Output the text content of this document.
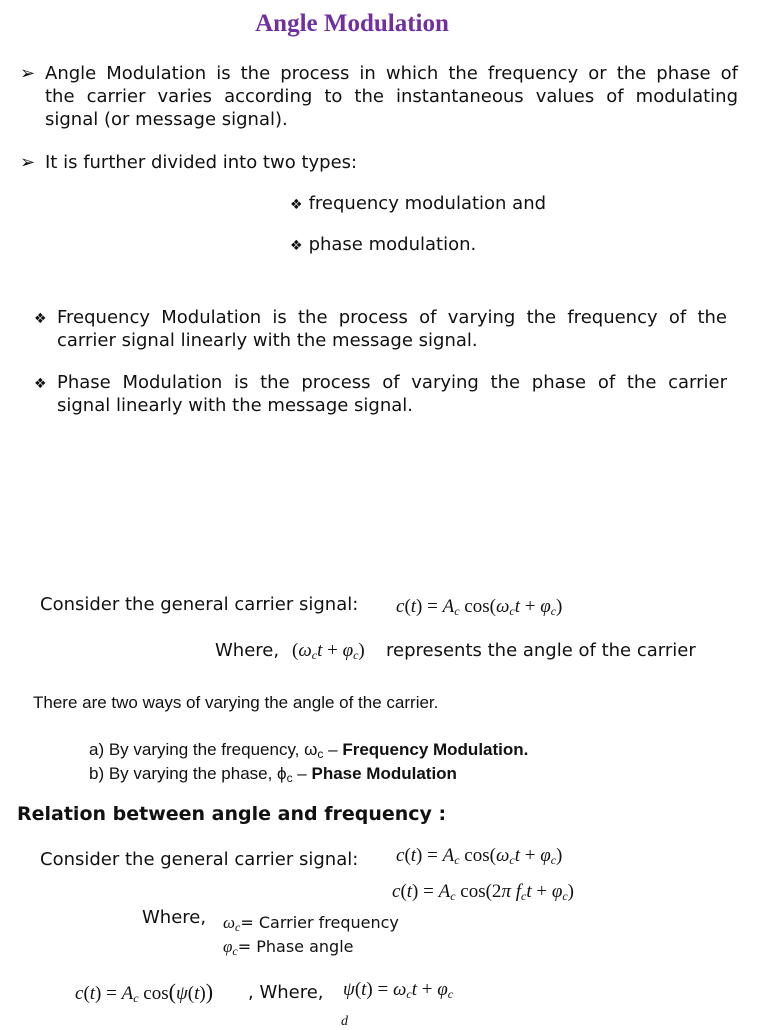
Angle Modulation
➢ Angle Modulation is the process in which the frequency or the phase of
the carrier varies according to the instantaneous values of modulating
signal (or message signal).
➢ It is further divided into two types:
❖ frequency modulation and
❖ phase modulation.
❖ Frequency Modulation is the process of varying the frequency of the
carrier signal linearly with the message signal.
❖ Phase Modulation is the process of varying the phase of the carrier
signal linearly with the message signal.
Consider the general carrier signal: $c(t) = A_c$ $\cos(\omega_ct + \varphi_c)$
Where, $(\omega_ct + \varphi_c)$ represents the angle of the carrier
There are two ways of varying the angle of the carrier.
a) By varying the frequency, $\omega_c$ – Frequency Modulation.
b) By varying the phase, $\phi_c$ – Phase Modulation
Relation between angle and frequency :
Consider the general carrier signal: $c(t) = A_c$ $\cos(\omega_ct + \varphi_c)$
$c(t) = A_c$ cos(2π $f_ct + \varphi_c$)
Where, $\omega_c=$ Carrier frequency
$\varphi_c=$ Phase angle
$c(t) = A_c$ cos(ψ(t)) , Where, $\psi(t) = \omega_ct + \varphi_c$
d
